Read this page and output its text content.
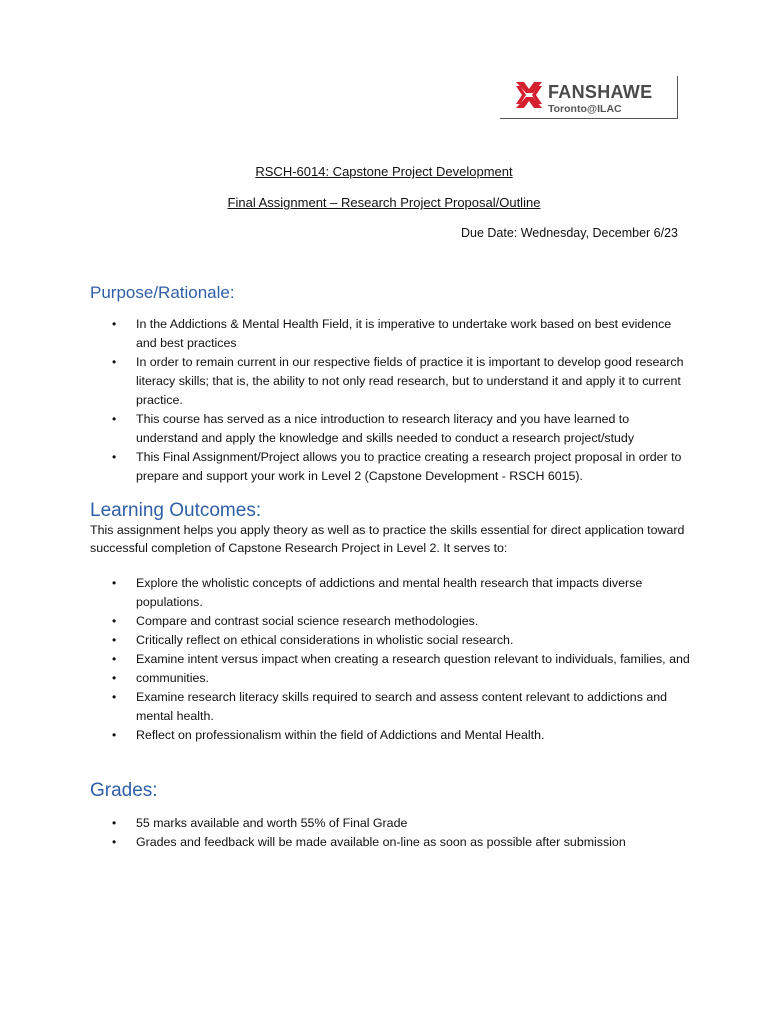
FANSHAWE
Toronto@ILAC
RSCH-6014: Capstone Project Development
Final Assignment – Research Project Proposal/Outline
Due Date: Wednesday, December 6/23
Purpose/Rationale:
• In the Addictions & Mental Health Field, it is imperative to undertake work based on best evidence and best practices
• In order to remain current in our respective fields of practice it is important to develop good research literacy skills; that is, the ability to not only read research, but to understand it and apply it to current practice.
• This course has served as a nice introduction to research literacy and you have learned to understand and apply the knowledge and skills needed to conduct a research project/study
• This Final Assignment/Project allows you to practice creating a research project proposal in order to prepare and support your work in Level 2 (Capstone Development - RSCH 6015).
Learning Outcomes:
This assignment helps you apply theory as well as to practice the skills essential for direct application toward successful completion of Capstone Research Project in Level 2. It serves to:
• Explore the wholistic concepts of addictions and mental health research that impacts diverse populations.
• Compare and contrast social science research methodologies.
• Critically reflect on ethical considerations in wholistic social research.
• Examine intent versus impact when creating a research question relevant to individuals, families, and
• communities.
• Examine research literacy skills required to search and assess content relevant to addictions and mental health.
• Reflect on professionalism within the field of Addictions and Mental Health.
Grades:
• 55 marks available and worth 55% of Final Grade
• Grades and feedback will be made available on-line as soon as possible after submission
